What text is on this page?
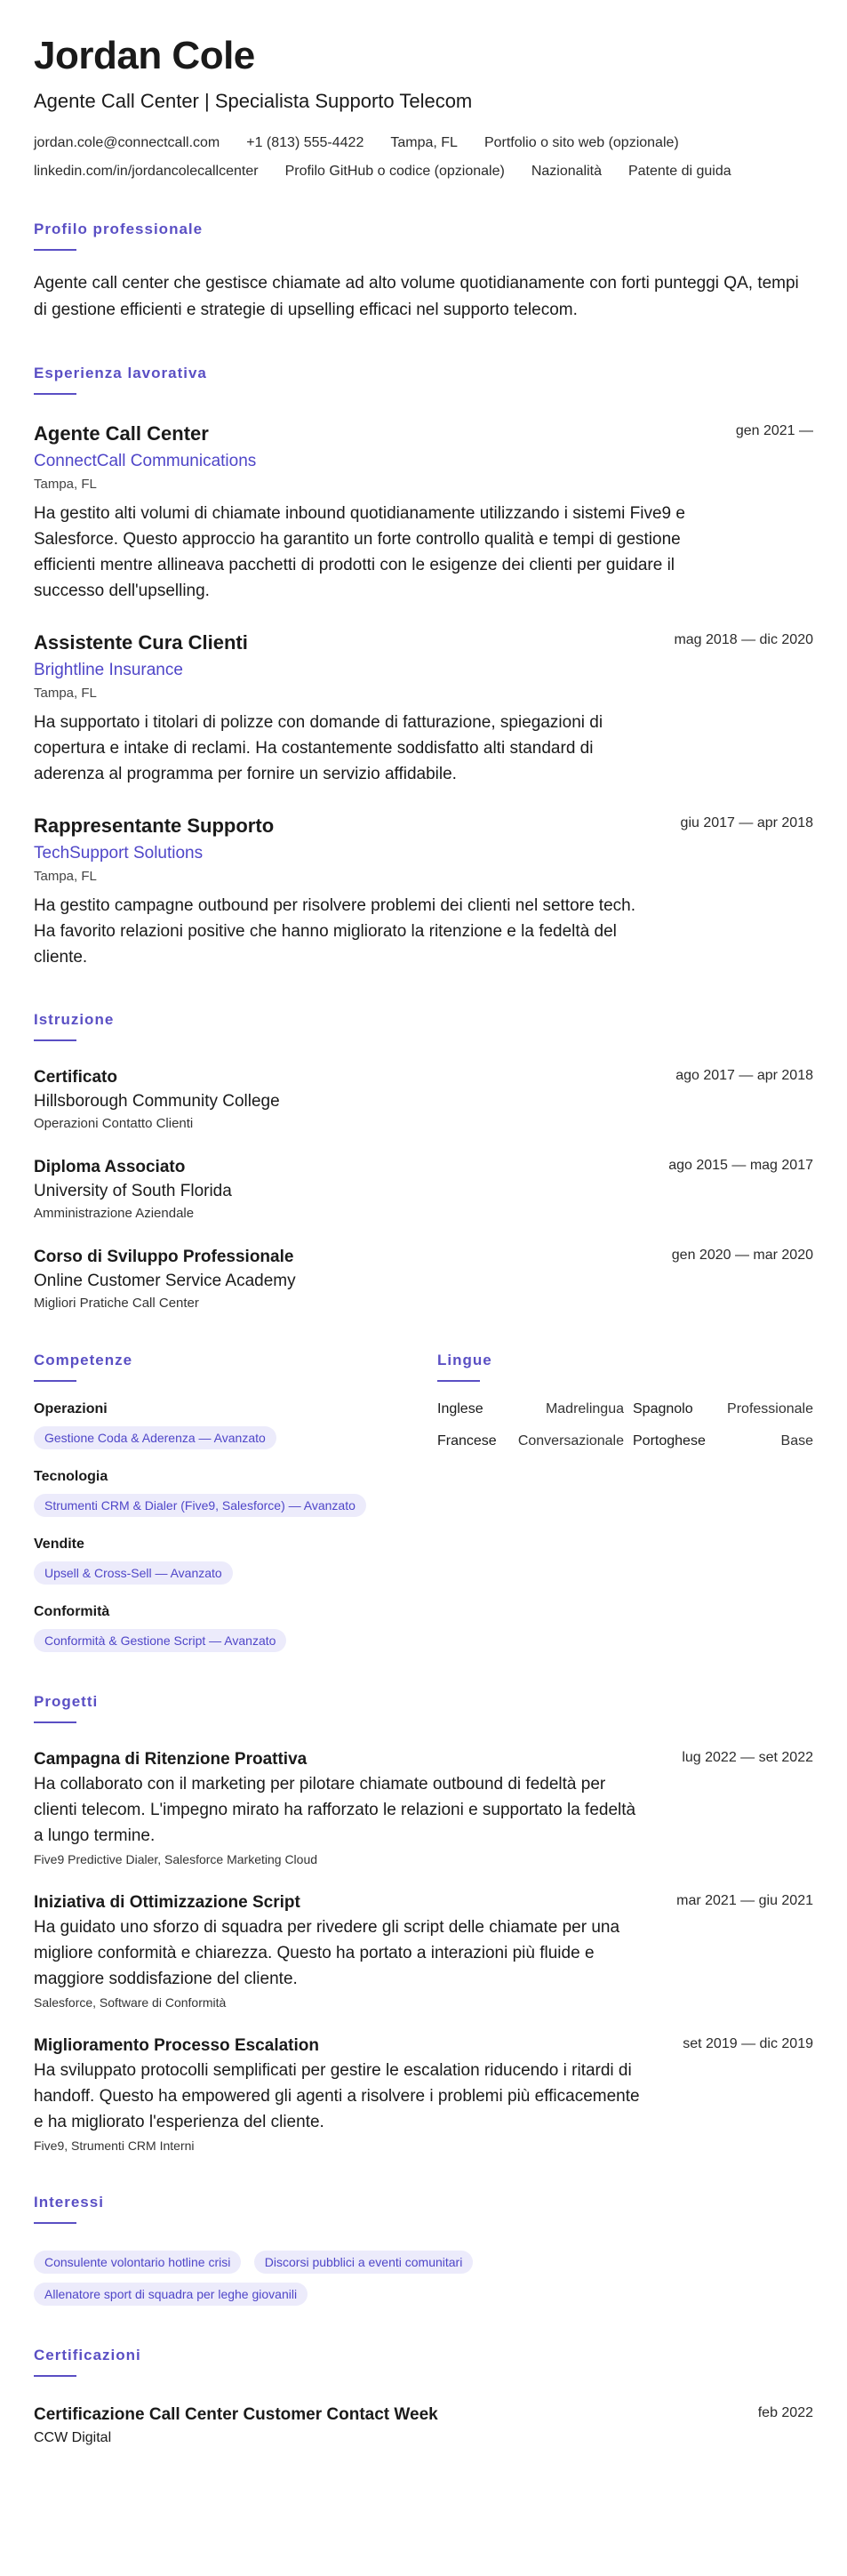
Jordan Cole
Agente Call Center | Specialista Supporto Telecom
jordan.cole@connectcall.com +1 (813) 555-4422 Tampa, FL Portfolio o sito web (opzionale)
linkedin.com/in/jordancolecallcenter Profilo GitHub o codice (opzionale) Nazionalità Patente di guida
Profilo professionale
Agente call center che gestisce chiamate ad alto volume quotidianamente con forti punteggi QA, tempi di gestione efficienti e strategie di upselling efficaci nel supporto telecom.
Esperienza lavorativa
gen 2021 —
Agente Call Center
ConnectCall Communications
Tampa, FL
Ha gestito alti volumi di chiamate inbound quotidianamente utilizzando i sistemi Five9 e Salesforce. Questo approccio ha garantito un forte controllo qualità e tempi di gestione efficienti mentre allineava pacchetti di prodotti con le esigenze dei clienti per guidare il successo dell'upselling.
mag 2018 — dic 2020
Assistente Cura Clienti
Brightline Insurance
Tampa, FL
Ha supportato i titolari di polizze con domande di fatturazione, spiegazioni di copertura e intake di reclami. Ha costantemente soddisfatto alti standard di aderenza al programma per fornire un servizio affidabile.
giu 2017 — apr 2018
Rappresentante Supporto
TechSupport Solutions
Tampa, FL
Ha gestito campagne outbound per risolvere problemi dei clienti nel settore tech. Ha favorito relazioni positive che hanno migliorato la ritenzione e la fedeltà del cliente.
Istruzione
ago 2017 — apr 2018
Certificato
Hillsborough Community College
Operazioni Contatto Clienti
ago 2015 — mag 2017
Diploma Associato
University of South Florida
Amministrazione Aziendale
gen 2020 — mar 2020
Corso di Sviluppo Professionale
Online Customer Service Academy
Migliori Pratiche Call Center
Competenze
Operazioni
Gestione Coda & Aderenza — Avanzato
Tecnologia
Strumenti CRM & Dialer (Five9, Salesforce) — Avanzato
Vendite
Upsell & Cross-Sell — Avanzato
Conformità
Conformità & Gestione Script — Avanzato
Lingue
Inglese	Madrelingua Spagnolo	Professionale
Francese	Conversazionale Portoghese	Base
Progetti
lug 2022 — set 2022
Campagna di Ritenzione Proattiva
Ha collaborato con il marketing per pilotare chiamate outbound di fedeltà per clienti telecom. L'impegno mirato ha rafforzato le relazioni e supportato la fedeltà a lungo termine.
Five9 Predictive Dialer, Salesforce Marketing Cloud
mar 2021 — giu 2021
Iniziativa di Ottimizzazione Script
Ha guidato uno sforzo di squadra per rivedere gli script delle chiamate per una migliore conformità e chiarezza. Questo ha portato a interazioni più fluide e maggiore soddisfazione del cliente.
Salesforce, Software di Conformità
set 2019 — dic 2019
Miglioramento Processo Escalation
Ha sviluppato protocolli semplificati per gestire le escalation riducendo i ritardi di handoff. Questo ha empowered gli agenti a risolvere i problemi più efficacemente e ha migliorato l'esperienza del cliente.
Five9, Strumenti CRM Interni
Interessi
Consulente volontario hotline crisi	Discorsi pubblici a eventi comunitari Allenatore sport di squadra per leghe giovanili
Certificazioni
feb 2022
Certificazione Call Center Customer Contact Week
CCW Digital
